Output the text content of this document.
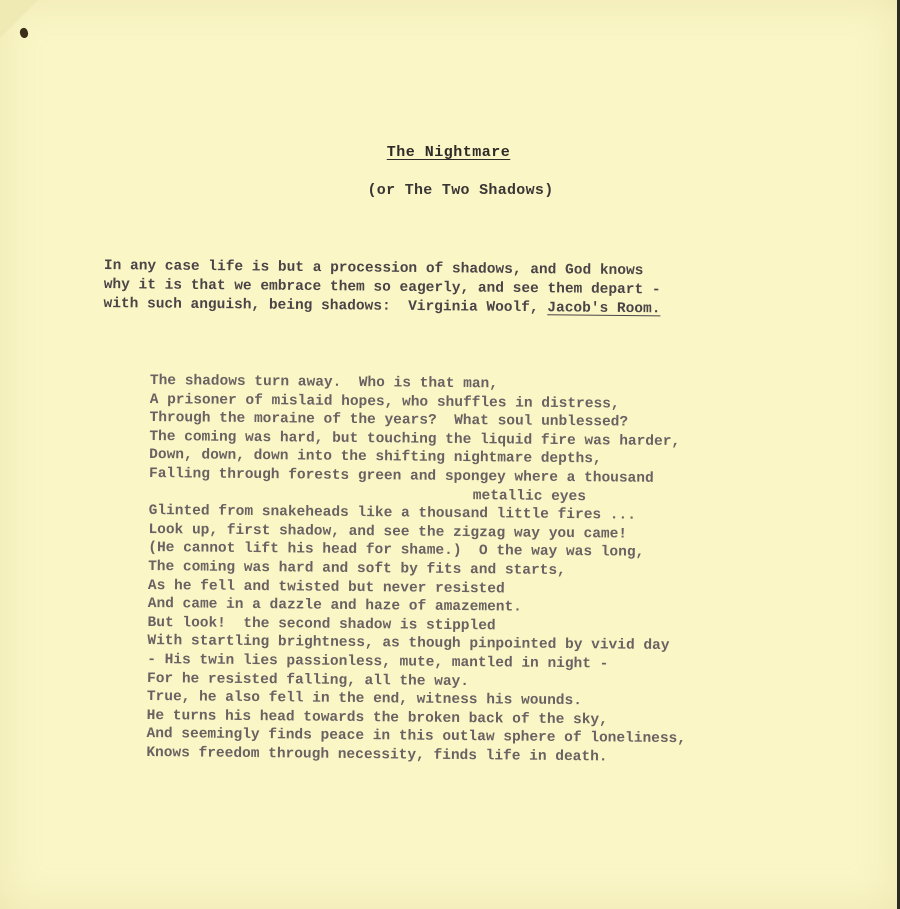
The Nightmare
(or The Two Shadows)
In any case life is but a procession of shadows, and God knows
why it is that we embrace them so eagerly, and see them depart -
with such anguish, being shadows: Virginia Woolf, Jacob's Room.
The shadows turn away.  Who is that man,
A prisoner of mislaid hopes, who shuffles in distress,
Through the moraine of the years?  What soul unblessed?
The coming was hard, but touching the liquid fire was harder,
Down, down, down into the shifting nightmare depths,
Falling through forests green and spongey where a thousand
metallic eyes
Glinted from snakeheads like a thousand little fires ...
Look up, first shadow, and see the zigzag way you came!
(He cannot lift his head for shame.)  O the way was long,
The coming was hard and soft by fits and starts,
As he fell and twisted but never resisted
And came in a dazzle and haze of amazement.
But look!  the second shadow is stippled
With startling brightness, as though pinpointed by vivid day
- His twin lies passionless, mute, mantled in night -
For he resisted falling, all the way.
True, he also fell in the end, witness his wounds.
He turns his head towards the broken back of the sky,
And seemingly finds peace in this outlaw sphere of loneliness,
Knows freedom through necessity, finds life in death.
